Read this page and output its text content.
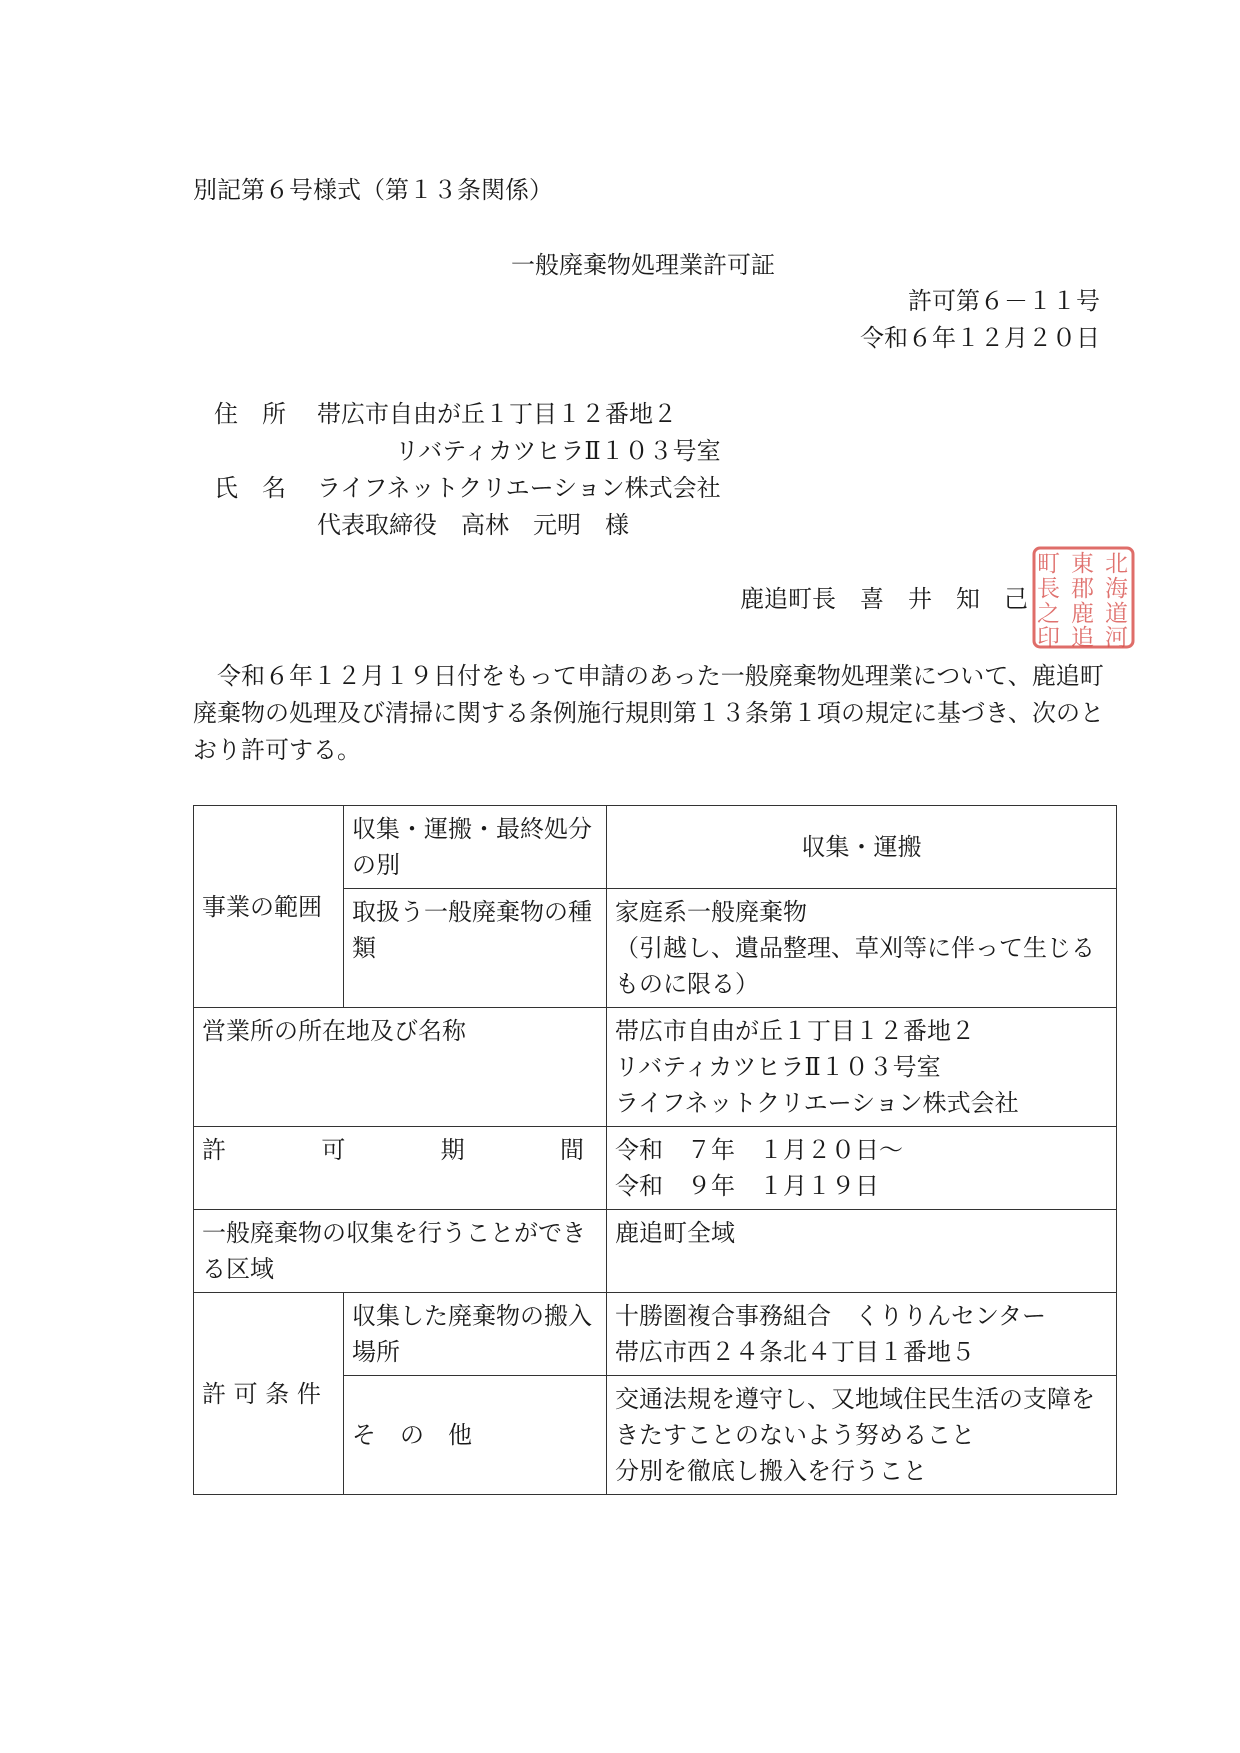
別記第６号様式（第１３条関係）
一般廃棄物処理業許可証
許可第６－１１号
令和６年１２月２０日
住　所 帯広市自由が丘１丁目１２番地２
リバティカツヒラⅡ１０３号室
氏　名 ライフネットクリエーション株式会社
代表取締役　高林　元明　様
鹿追町長　喜　井　知　己
北
海
道
河
東
郡
鹿
追
町
長
之
印
令和６年１２月１９日付をもって申請のあった一般廃棄物処理業について、鹿追町廃棄物の処理及び清掃に関する条例施行規則第１３条第１項の規定に基づき、次のとおり許可する。
事業の範囲	収集・運搬・最終処分の別	収集・運搬
	取扱う一般廃棄物の種類	家庭系一般廃棄物
（引越し、遺品整理、草刈等に伴って生じるものに限る）

営業所の所在地及び名称		帯広市自由が丘１丁目１２番地２
リバティカツヒラⅡ１０３号室
ライフネットクリエーション株式会社

許 可 期 間		令和　７年　１月２０日～
令和　９年　１月１９日

一般廃棄物の収集を行うことができる区域		鹿追町全域
許 可 条 件	収集した廃棄物の搬入場所	十勝圏複合事務組合　くりりんセンター
帯広市西２４条北４丁目１番地５

	そ　の　他	交通法規を遵守し、又地域住民生活の支障をきたすことのないよう努めること
分別を徹底し搬入を行うこと
